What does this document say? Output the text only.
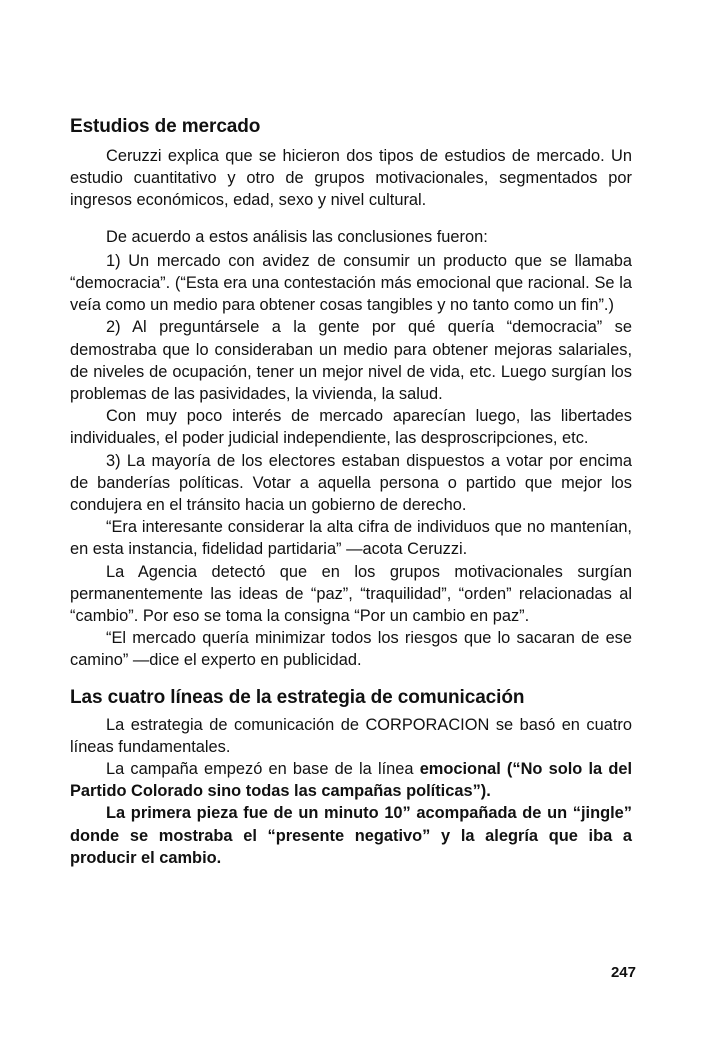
Estudios de mercado

Ceruzzi explica que se hicieron dos tipos de estudios de mercado. Un estudio cuantitativo y otro de grupos motivacionales, segmentados por ingresos económicos, edad, sexo y nivel cultural.

De acuerdo a estos análisis las conclusiones fueron:

1) Un mercado con avidez de consumir un producto que se llamaba “democracia”. (“Esta era una contestación más emocional que racional. Se la veía como un medio para obtener cosas tangibles y no tanto como un fin”.)

2) Al preguntársele a la gente por qué quería “democracia” se demostraba que lo consideraban un medio para obtener mejoras salariales, de niveles de ocupación, tener un mejor nivel de vida, etc. Luego surgían los problemas de las pasividades, la vivienda, la salud.

Con muy poco interés de mercado aparecían luego, las libertades individuales, el poder judicial independiente, las desproscripciones, etc.

3) La mayoría de los electores estaban dispuestos a votar por encima de banderías políticas. Votar a aquella persona o partido que mejor los condujera en el tránsito hacia un gobierno de derecho.

“Era interesante considerar la alta cifra de individuos que no mantenían, en esta instancia, fidelidad partidaria” —acota Ceruzzi.

La Agencia detectó que en los grupos motivacionales surgían permanentemente las ideas de “paz”, “traquilidad”, “orden” relacionadas al “cambio”. Por eso se toma la consigna “Por un cambio en paz”.

“El mercado quería minimizar todos los riesgos que lo sacaran de ese camino” —dice el experto en publicidad.

Las cuatro líneas de la estrategia de comunicación

La estrategia de comunicación de CORPORACION se basó en cuatro líneas fundamentales.

La campaña empezó en base de la línea emocional (“No solo la del Partido Colorado sino todas las campañas políticas”).

La primera pieza fue de un minuto 10” acompañada de un “jingle” donde se mostraba el “presente negativo” y la alegría que iba a producir el cambio.

247
